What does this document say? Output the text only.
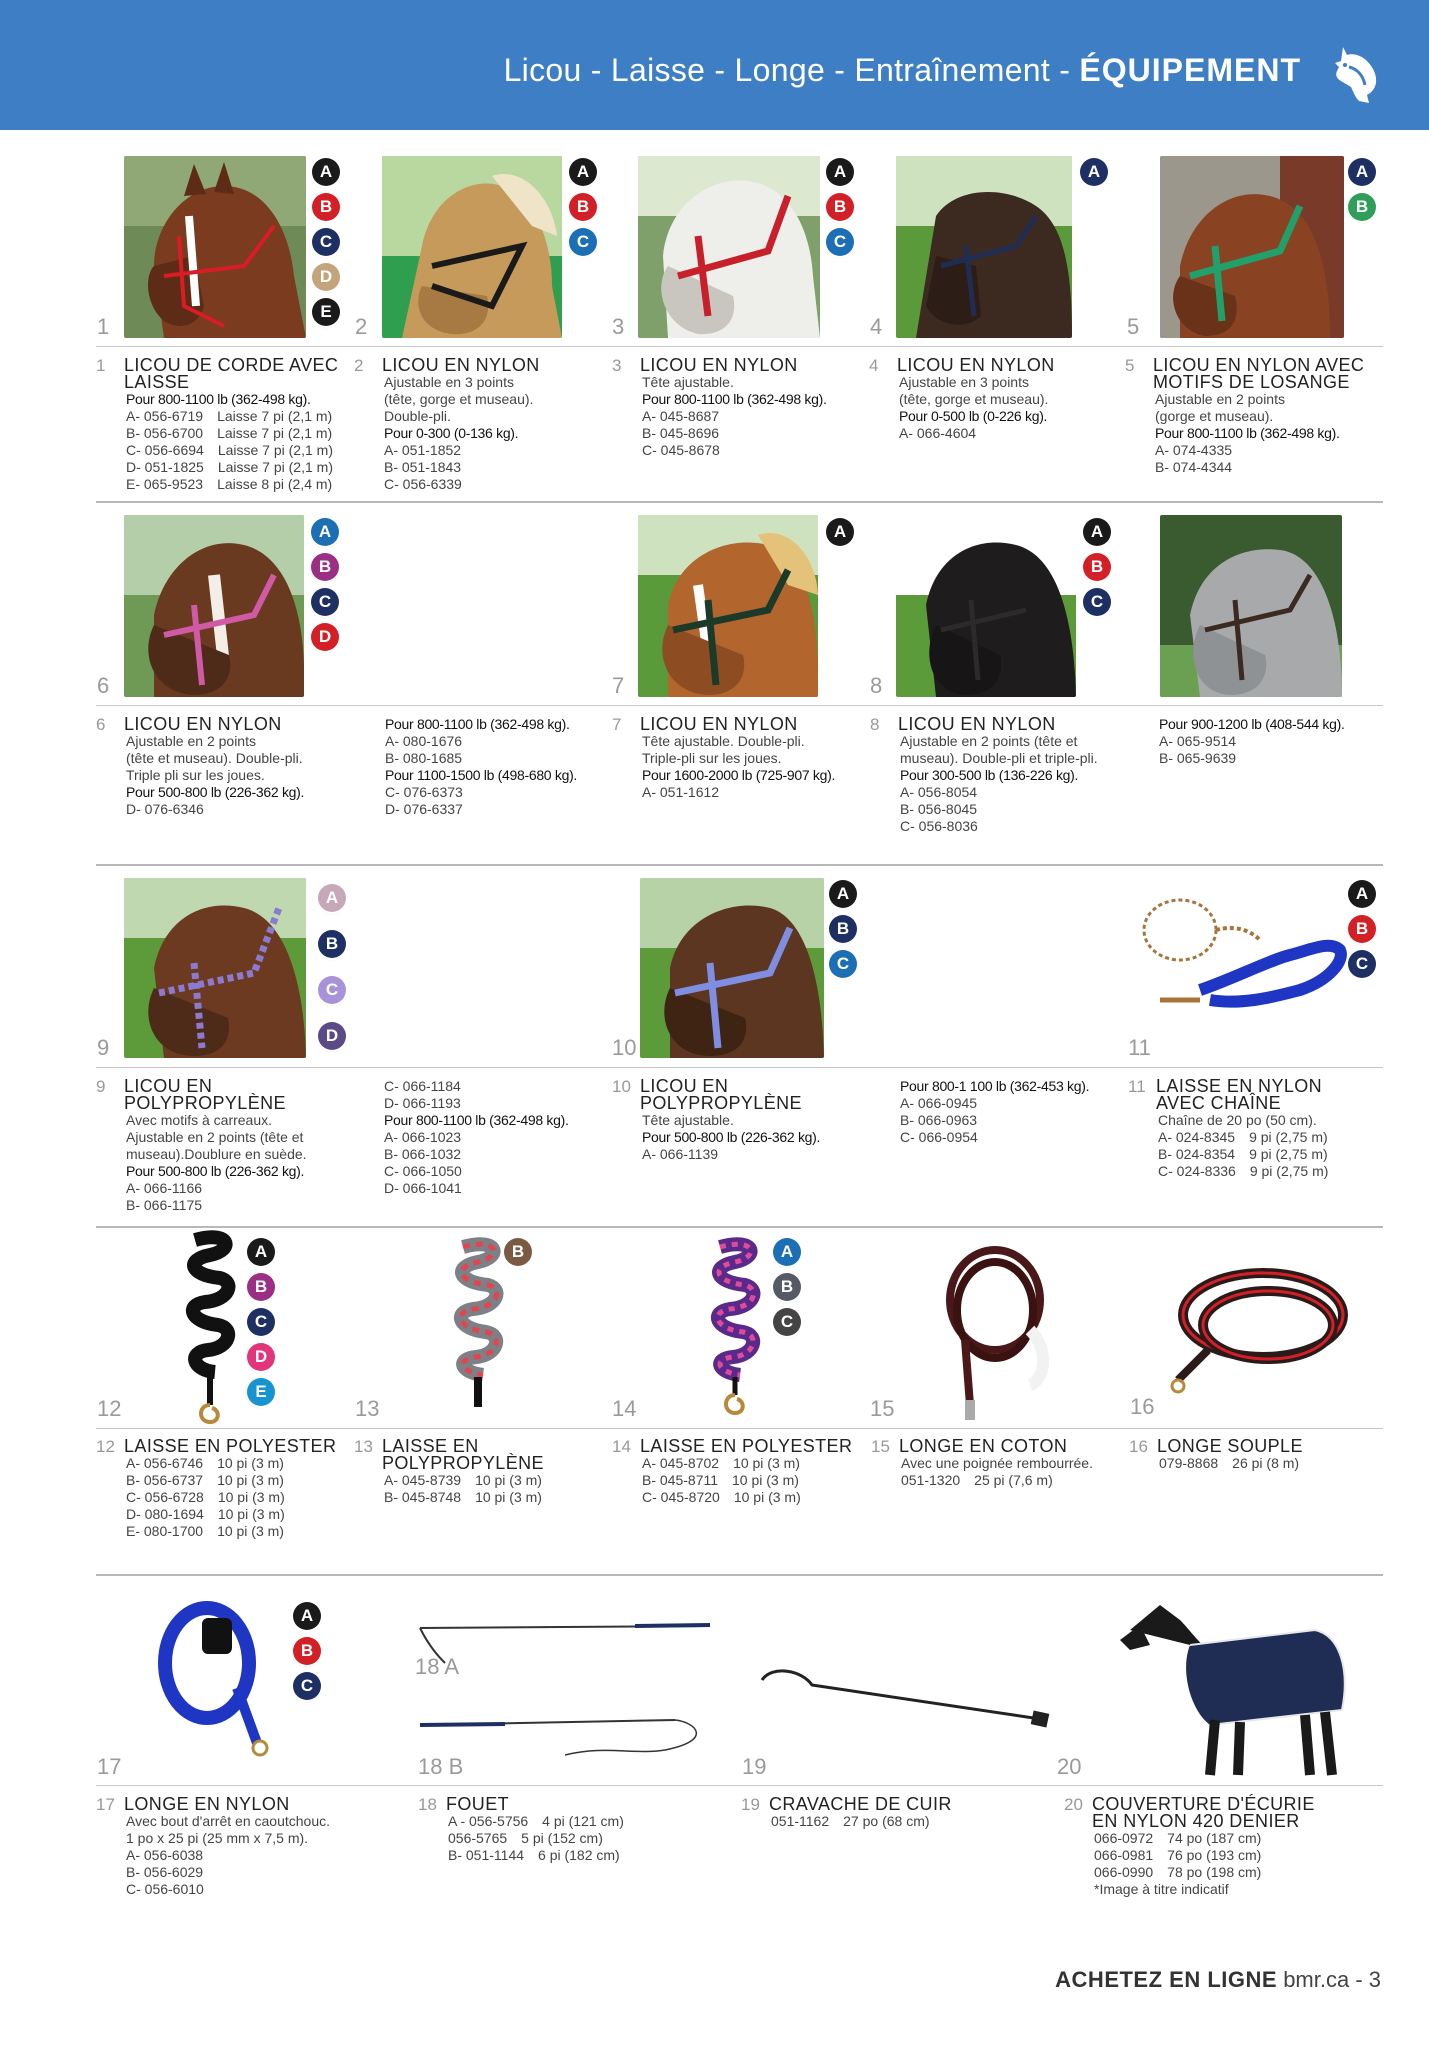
Licou - Laisse - Longe - Entraînement - ÉQUIPEMENT
A
B
C
D
E
A
B
C
A
B
C
A	A
B
1	2	3	4	5
A
B
C
D
A	A
B
C
6	7	8
A
B
C
D
A
B
C
A
B
C
9	10	11
A
B
C
D
E
B	A
B
C
12	13	14	15	16
A
B
C
17
18 A
18 B	19	20
1 LICOU DE CORDE AVEC
LAISSE
Pour 800-1100 lb (362-498 kg).
A- 056-6719 Laisse 7 pi (2,1 m)
B- 056-6700 Laisse 7 pi (2,1 m)
C- 056-6694 Laisse 7 pi (2,1 m)
D- 051-1825 Laisse 7 pi (2,1 m)
E- 065-9523 Laisse 8 pi (2,4 m)
2 LICOU EN NYLON
Ajustable en 3 points
(tête, gorge et museau).
Double-pli.
Pour 0-300 (0-136 kg).
A- 051-1852
B- 051-1843
C- 056-6339
3 LICOU EN NYLON
Tête ajustable.
Pour 800-1100 lb (362-498 kg).
A- 045-8687
B- 045-8696
C- 045-8678
4 LICOU EN NYLON
Ajustable en 3 points
(tête, gorge et museau).
Pour 0-500 lb (0-226 kg).
A- 066-4604
5 LICOU EN NYLON AVEC
MOTIFS DE LOSANGE
Ajustable en 2 points
(gorge et museau).
Pour 800-1100 lb (362-498 kg).
A- 074-4335
B- 074-4344
6 LICOU EN NYLON
Ajustable en 2 points
(tête et museau). Double-pli.
Triple pli sur les joues.
Pour 500-800 lb (226-362 kg).
D- 076-6346
Pour 800-1100 lb (362-498 kg).
A- 080-1676
B- 080-1685
Pour 1100-1500 lb (498-680 kg).
C- 076-6373
D- 076-6337
7 LICOU EN NYLON
Tête ajustable. Double-pli.
Triple-pli sur les joues.
Pour 1600-2000 lb (725-907 kg).
A- 051-1612
8 LICOU EN NYLON
Ajustable en 2 points (tête et
museau). Double-pli et triple-pli.
Pour 300-500 lb (136-226 kg).
A- 056-8054
B- 056-8045
C- 056-8036
Pour 900-1200 lb (408-544 kg).
A- 065-9514
B- 065-9639
9 LICOU EN
POLYPROPYLÈNE
Avec motifs à carreaux.
Ajustable en 2 points (tête et
museau).Doublure en suède.
Pour 500-800 lb (226-362 kg).
A- 066-1166
B- 066-1175
C- 066-1184
D- 066-1193
Pour 800-1100 lb (362-498 kg).
A- 066-1023
B- 066-1032
C- 066-1050
D- 066-1041
10 LICOU EN
POLYPROPYLÈNE
Tête ajustable.
Pour 500-800 lb (226-362 kg).
A- 066-1139
Pour 800-1 100 lb (362-453 kg).
A- 066-0945
B- 066-0963
C- 066-0954
11 LAISSE EN NYLON
AVEC CHAÎNE
Chaîne de 20 po (50 cm).
A- 024-8345 9 pi (2,75 m)
B- 024-8354 9 pi (2,75 m)
C- 024-8336 9 pi (2,75 m)
12 LAISSE EN POLYESTER
A- 056-6746 10 pi (3 m)
B- 056-6737 10 pi (3 m)
C- 056-6728 10 pi (3 m)
D- 080-1694 10 pi (3 m)
E- 080-1700 10 pi (3 m)
13 LAISSE EN
POLYPROPYLÈNE
A- 045-8739 10 pi (3 m)
B- 045-8748 10 pi (3 m)
14 LAISSE EN POLYESTER
A- 045-8702 10 pi (3 m)
B- 045-8711 10 pi (3 m)
C- 045-8720 10 pi (3 m)
15 LONGE EN COTON
Avec une poignée rembourrée.
051-1320 25 pi (7,6 m)
16 LONGE SOUPLE
079-8868 26 pi (8 m)
17 LONGE EN NYLON
Avec bout d'arrêt en caoutchouc.
1 po x 25 pi (25 mm x 7,5 m).
A- 056-6038
B- 056-6029
C- 056-6010
18 FOUET
A - 056-5756 4 pi (121 cm)
056-5765 5 pi (152 cm)
B- 051-1144 6 pi (182 cm)
19 CRAVACHE DE CUIR
051-1162 27 po (68 cm)
20 COUVERTURE D'ÉCURIE
EN NYLON 420 DENIER
066-0972 74 po (187 cm)
066-0981 76 po (193 cm)
066-0990 78 po (198 cm)
*Image à titre indicatif
ACHETEZ EN LIGNE bmr.ca - 3
